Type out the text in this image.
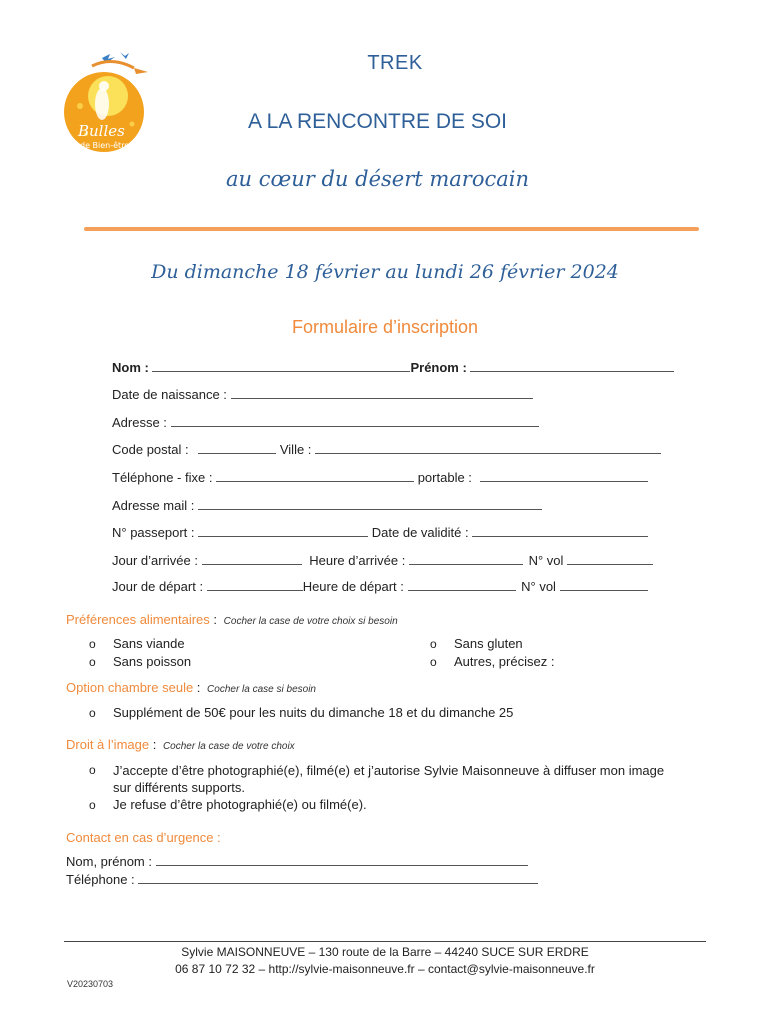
Bulles
de Bien-être
TREK
A LA RENCONTRE DE SOI
au cœur du désert marocain
Du dimanche 18 février au lundi 26 février 2024
Formulaire d’inscription
Nom :	Prénom :
Date de naissance :
Adresse :
Code postal :	Ville :
Téléphone - fixe :	portable :
Adresse mail :
N° passeport :	Date de validité :
Jour d’arrivée :	Heure d’arrivée :	N° vol
Jour de départ :	Heure de départ :	N° vol
Préférences alimentaires : Cocher la case de votre choix si besoin
o Sans viande
o Sans poisson
o Sans gluten
o Autres, précisez :
Option chambre seule : Cocher la case si besoin
o Supplément de 50€ pour les nuits du dimanche 18 et du dimanche 25
Droit à l’image : Cocher la case de votre choix
o	J’accepte d’être photographié(e), filmé(e) et j’autorise Sylvie Maisonneuve à diffuser mon image sur différents supports.
o Je refuse d’être photographié(e) ou filmé(e).
Contact en cas d’urgence :
Nom, prénom :
Téléphone :
Sylvie MAISONNEUVE – 130 route de la Barre – 44240 SUCE SUR ERDRE
06 87 10 72 32 – http://sylvie-maisonneuve.fr – contact@sylvie-maisonneuve.fr
V20230703
